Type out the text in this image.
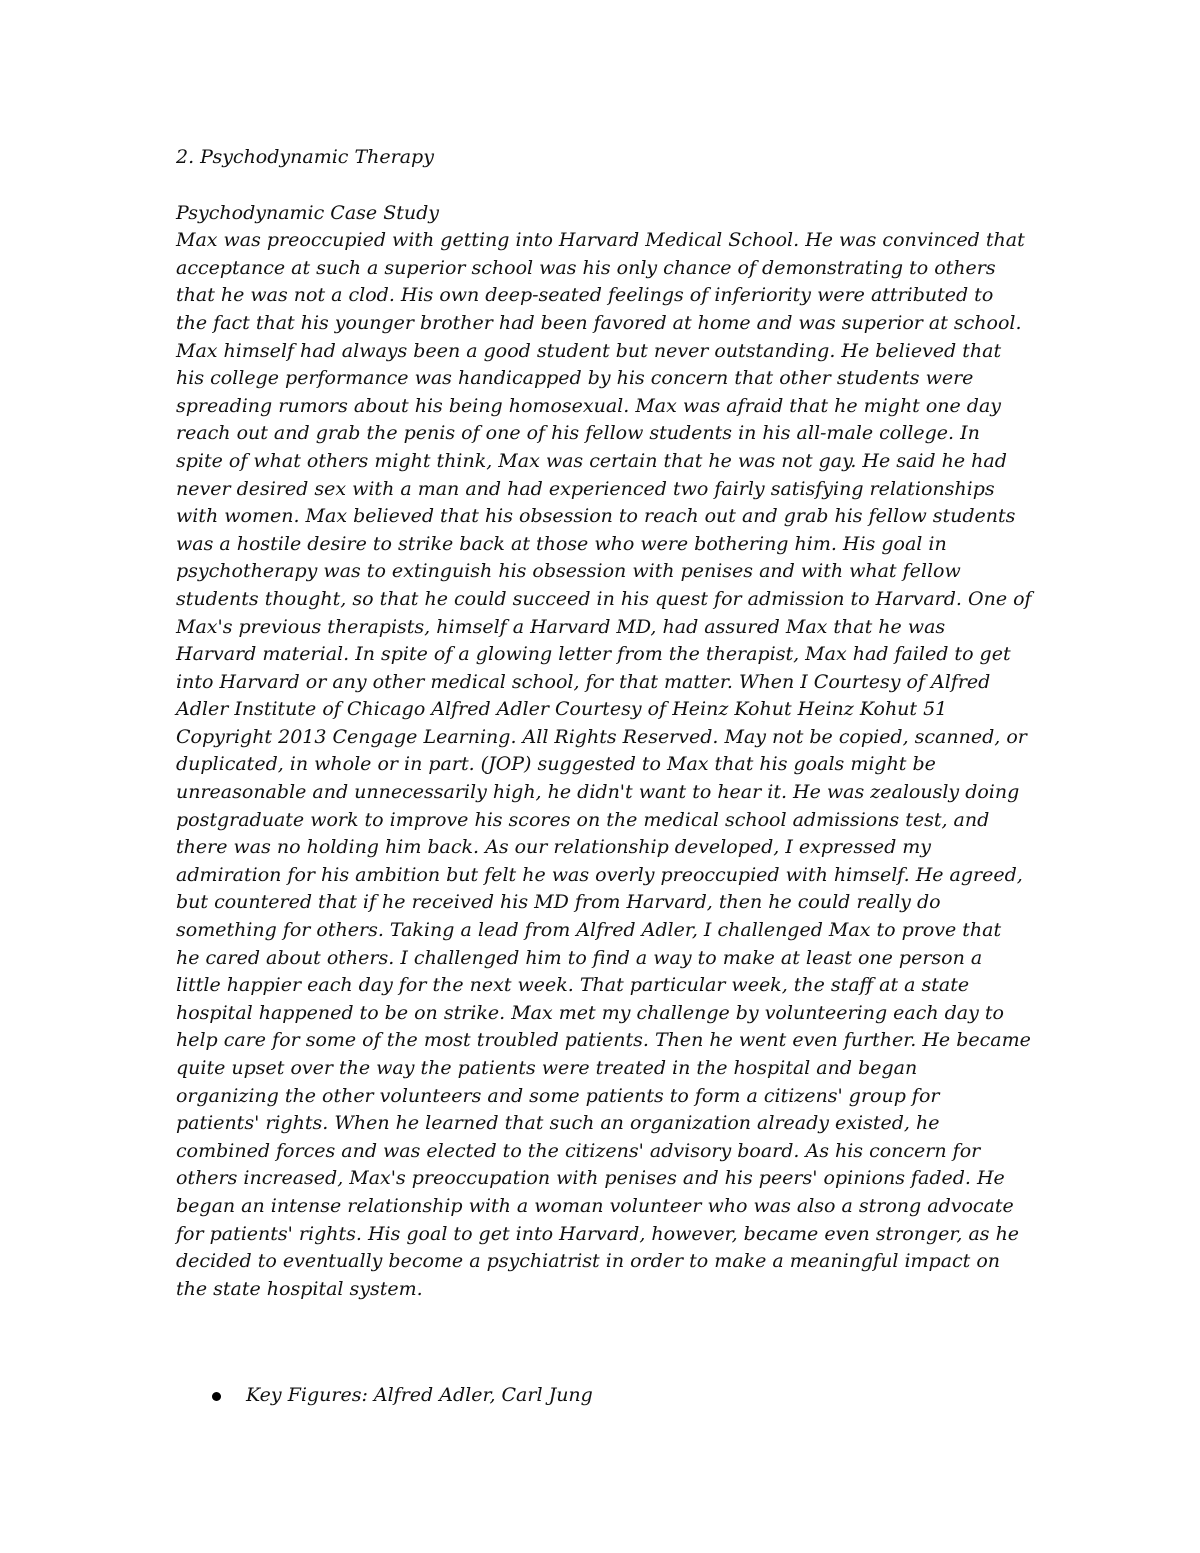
2. Psychodynamic Therapy
Psychodynamic Case Study

Max was preoccupied with getting into Harvard Medical School. He was convinced that
acceptance at such a superior school was his only chance of demonstrating to others
that he was not a clod. His own deep-seated feelings of inferiority were attributed to
the fact that his younger brother had been favored at home and was superior at school.
Max himself had always been a good student but never outstanding. He believed that
his college performance was handicapped by his concern that other students were
spreading rumors about his being homosexual. Max was afraid that he might one day
reach out and grab the penis of one of his fellow students in his all-male college. In
spite of what others might think, Max was certain that he was not gay. He said he had
never desired sex with a man and had experienced two fairly satisfying relationships
with women. Max believed that his obsession to reach out and grab his fellow students
was a hostile desire to strike back at those who were bothering him. His goal in
psychotherapy was to extinguish his obsession with penises and with what fellow
students thought, so that he could succeed in his quest for admission to Harvard. One of
Max's previous therapists, himself a Harvard MD, had assured Max that he was
Harvard material. In spite of a glowing letter from the therapist, Max had failed to get
into Harvard or any other medical school, for that matter. When I Courtesy of Alfred
Adler Institute of Chicago Alfred Adler Courtesy of Heinz Kohut Heinz Kohut 51
Copyright 2013 Cengage Learning. All Rights Reserved. May not be copied, scanned, or
duplicated, in whole or in part. (JOP) suggested to Max that his goals might be
unreasonable and unnecessarily high, he didn't want to hear it. He was zealously doing
postgraduate work to improve his scores on the medical school admissions test, and
there was no holding him back. As our relationship developed, I expressed my
admiration for his ambition but felt he was overly preoccupied with himself. He agreed,
but countered that if he received his MD from Harvard, then he could really do
something for others. Taking a lead from Alfred Adler, I challenged Max to prove that
he cared about others. I challenged him to find a way to make at least one person a
little happier each day for the next week. That particular week, the staff at a state
hospital happened to be on strike. Max met my challenge by volunteering each day to
help care for some of the most troubled patients. Then he went even further. He became
quite upset over the way the patients were treated in the hospital and began
organizing the other volunteers and some patients to form a citizens' group for
patients' rights. When he learned that such an organization already existed, he
combined forces and was elected to the citizens' advisory board. As his concern for
others increased, Max's preoccupation with penises and his peers' opinions faded. He
began an intense relationship with a woman volunteer who was also a strong advocate
for patients' rights. His goal to get into Harvard, however, became even stronger, as he
decided to eventually become a psychiatrist in order to make a meaningful impact on
the state hospital system.

Key Figures: Alfred Adler, Carl Jung
